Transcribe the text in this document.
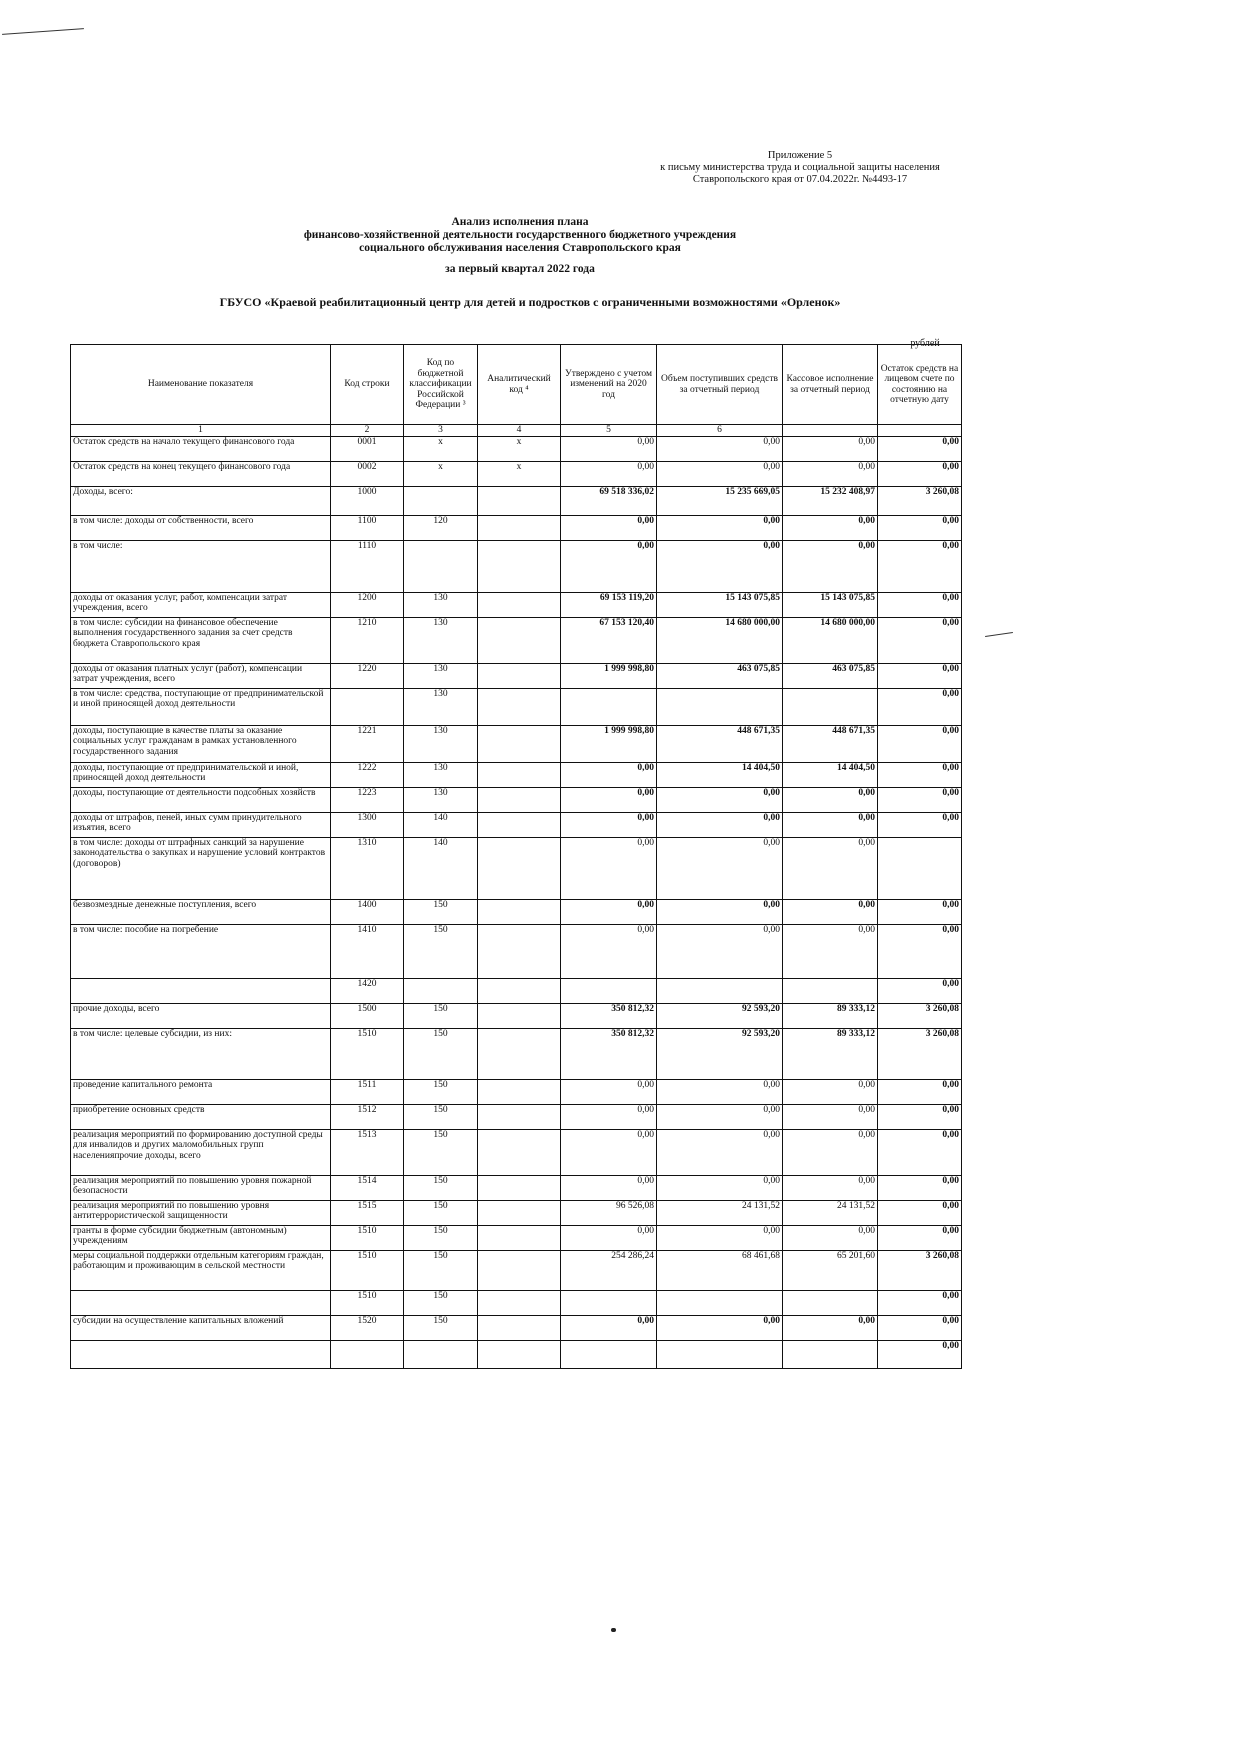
Приложение 5
к письму министерства труда и социальной защиты населения
Ставропольского края от 07.04.2022г. №4493-17
Анализ исполнения плана
финансово-хозяйственной деятельности государственного бюджетного учреждения
социального обслуживания населения Ставропольского края
за первый квартал 2022 года
ГБУСО «Краевой реабилитационный центр для детей и подростков с ограниченными возможностями «Орленок»
рублей
Наименование показателя	Код строки	Код по бюджетной классификации Российской Федерации ³	Аналитический код ⁴	Утверждено с учетом изменений на 2020 год	Объем поступивших средств за отчетный период	Кассовое исполнение за отчетный период	Остаток средств на лицевом счете по состоянию на отчетную дату
1	2	3	4	5	6		
Остаток средств на начало текущего финансового года	0001	x	x	0,00	0,00	0,00	0,00
Остаток средств на конец текущего финансового года	0002	x	x	0,00	0,00	0,00	0,00
Доходы, всего:	1000			69 518 336,02	15 235 669,05	15 232 408,97	3 260,08
в том числе: доходы от собственности, всего	1100	120		0,00	0,00	0,00	0,00
в том числе:	1110			0,00	0,00	0,00	0,00
доходы от оказания услуг, работ, компенсации затрат учреждения, всего	1200	130		69 153 119,20	15 143 075,85	15 143 075,85	0,00
в том числе: субсидии на финансовое обеспечение выполнения государственного задания за счет средств бюджета Ставропольского края	1210	130		67 153 120,40	14 680 000,00	14 680 000,00	0,00
доходы от оказания платных услуг (работ), компенсации затрат учреждения, всего	1220	130		1 999 998,80	463 075,85	463 075,85	0,00
в том числе: средства, поступающие от предпринимательской и иной приносящей доход деятельности		130					0,00
доходы, поступающие в качестве платы за оказание социальных услуг гражданам в рамках установленного государственного задания	1221	130		1 999 998,80	448 671,35	448 671,35	0,00
доходы, поступающие от предпринимательской и иной, приносящей доход деятельности	1222	130		0,00	14 404,50	14 404,50	0,00
доходы, поступающие от деятельности подсобных хозяйств	1223	130		0,00	0,00	0,00	0,00
доходы от штрафов, пеней, иных сумм принудительного изъятия, всего	1300	140		0,00	0,00	0,00	0,00
в том числе: доходы от штрафных санкций за нарушение законодательства о закупках и нарушение условий контрактов (договоров)	1310	140		0,00	0,00	0,00	
безвозмездные денежные поступления, всего	1400	150		0,00	0,00	0,00	0,00
в том числе: пособие на погребение	1410	150		0,00	0,00	0,00	0,00
	1420						0,00
прочие доходы, всего	1500	150		350 812,32	92 593,20	89 333,12	3 260,08
в том числе: целевые субсидии, из них:	1510	150		350 812,32	92 593,20	89 333,12	3 260,08
проведение капитального ремонта	1511	150		0,00	0,00	0,00	0,00
приобретение основных средств	1512	150		0,00	0,00	0,00	0,00
реализация мероприятий по формированию доступной среды для инвалидов и других маломобильных групп населенияпрочие доходы, всего	1513	150		0,00	0,00	0,00	0,00
реализация мероприятий по повышению уровня пожарной безопасности	1514	150		0,00	0,00	0,00	0,00
реализация мероприятий по повышению уровня антитеррористической защищенности	1515	150		96 526,08	24 131,52	24 131,52	0,00
гранты в форме субсидии бюджетным (автономным) учреждениям	1510	150		0,00	0,00	0,00	0,00
меры социальной поддержки отдельным категориям граждан, работающим и проживающим в сельской местности	1510	150		254 286,24	68 461,68	65 201,60	3 260,08
	1510	150					0,00
субсидии на осуществление капитальных вложений	1520	150		0,00	0,00	0,00	0,00
							0,00
